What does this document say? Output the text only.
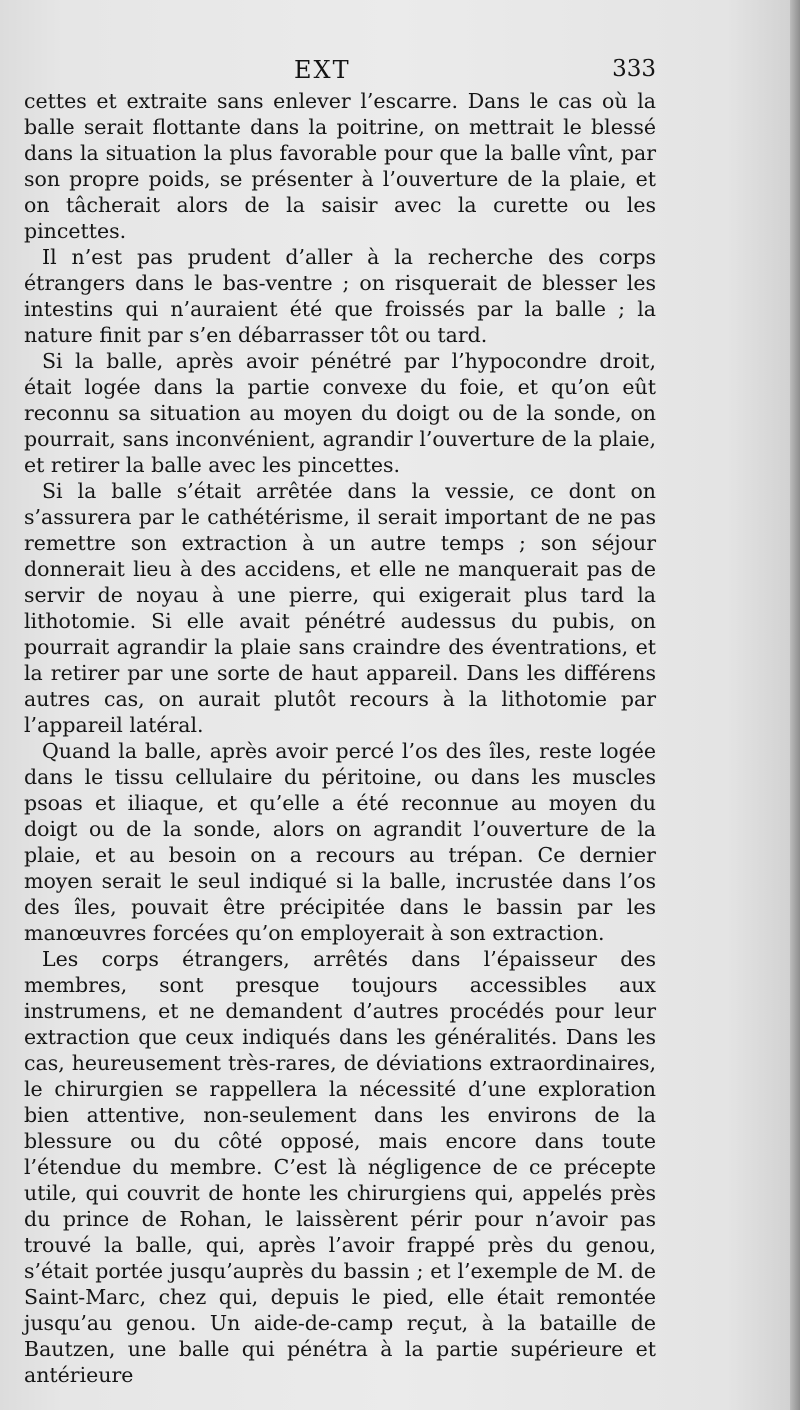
EXT	333

cettes et extraite sans enlever l’escarre. Dans le cas où la balle serait flottante dans la poitrine, on mettrait le blessé dans la situation la plus favorable pour que la balle vînt, par son propre poids, se présenter à l’ouverture de la plaie, et on tâcherait alors de la saisir avec la curette ou les pincettes.

Il n’est pas prudent d’aller à la recherche des corps étrangers dans le bas-ventre ; on risquerait de blesser les intestins qui n’auraient été que froissés par la balle ; la nature finit par s’en débarrasser tôt ou tard.

Si la balle, après avoir pénétré par l’hypocondre droit, était logée dans la partie convexe du foie, et qu’on eût reconnu sa situation au moyen du doigt ou de la sonde, on pourrait, sans inconvénient, agrandir l’ouverture de la plaie, et retirer la balle avec les pincettes.

Si la balle s’était arrêtée dans la vessie, ce dont on s’assurera par le cathétérisme, il serait important de ne pas remettre son extraction à un autre temps ; son séjour donnerait lieu à des accidens, et elle ne manquerait pas de servir de noyau à une pierre, qui exigerait plus tard la lithotomie. Si elle avait pénétré audessus du pubis, on pourrait agrandir la plaie sans craindre des éventrations, et la retirer par une sorte de haut appareil. Dans les différens autres cas, on aurait plutôt recours à la lithotomie par l’appareil latéral.

Quand la balle, après avoir percé l’os des îles, reste logée dans le tissu cellulaire du péritoine, ou dans les muscles psoas et iliaque, et qu’elle a été reconnue au moyen du doigt ou de la sonde, alors on agrandit l’ouverture de la plaie, et au besoin on a recours au trépan. Ce dernier moyen serait le seul indiqué si la balle, incrustée dans l’os des îles, pouvait être précipitée dans le bassin par les manœuvres forcées qu’on employerait à son extraction.

Les corps étrangers, arrêtés dans l’épaisseur des membres, sont presque toujours accessibles aux instrumens, et ne demandent d’autres procédés pour leur extraction que ceux indiqués dans les généralités. Dans les cas, heureusement très-rares, de déviations extraordinaires, le chirurgien se rappellera la nécessité d’une exploration bien attentive, non-seulement dans les environs de la blessure ou du côté opposé, mais encore dans toute l’étendue du membre. C’est là négligence de ce précepte utile, qui couvrit de honte les chirurgiens qui, appelés près du prince de Rohan, le laissèrent périr pour n’avoir pas trouvé la balle, qui, après l’avoir frappé près du genou, s’était portée jusqu’auprès du bassin ; et l’exemple de M. de Saint-Marc, chez qui, depuis le pied, elle était remontée jusqu’au genou. Un aide-de-camp reçut, à la bataille de Bautzen, une balle qui pénétra à la partie supérieure et antérieure
